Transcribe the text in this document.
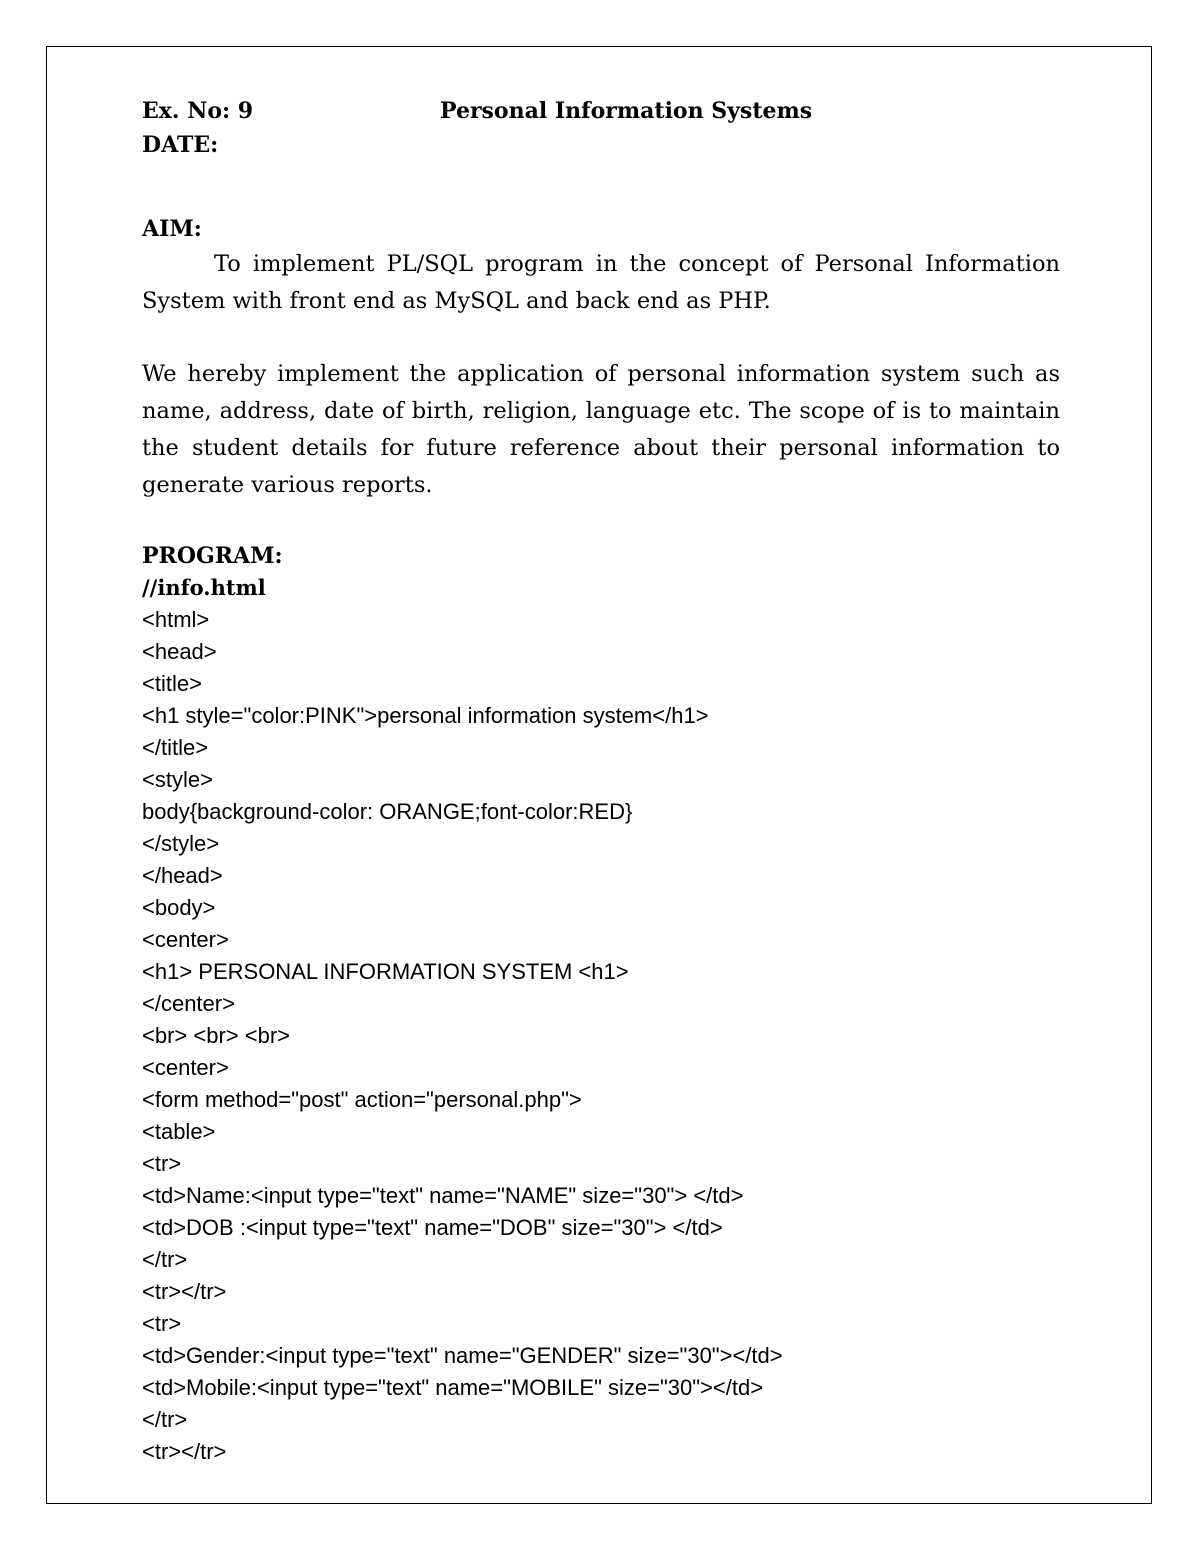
Ex. No: 9	Personal Information Systems
DATE:
AIM:

To implement PL/SQL program in the concept of Personal Information System with front end as MySQL and back end as PHP.

We hereby implement the application of personal information system such as name, address, date of birth, religion, language etc. The scope of is to maintain the student details for future reference about their personal information to generate various reports.

PROGRAM:
//info.html
<html>
<head>
<title>
<h1 style="color:PINK">personal information system</h1>
</title>
<style>
body{background-color: ORANGE;font-color:RED}
</style>
</head>
<body>
<center>
<h1> PERSONAL INFORMATION SYSTEM <h1>
</center>
<br> <br> <br>
<center>
<form method="post" action="personal.php">
<table>
<tr>
<td>Name:<input type="text" name="NAME" size="30"> </td>
<td>DOB :<input type="text" name="DOB" size="30"> </td>
</tr>
<tr></tr>
<tr>
<td>Gender:<input type="text" name="GENDER" size="30"></td>
<td>Mobile:<input type="text" name="MOBILE" size="30"></td>
</tr>
<tr></tr>
